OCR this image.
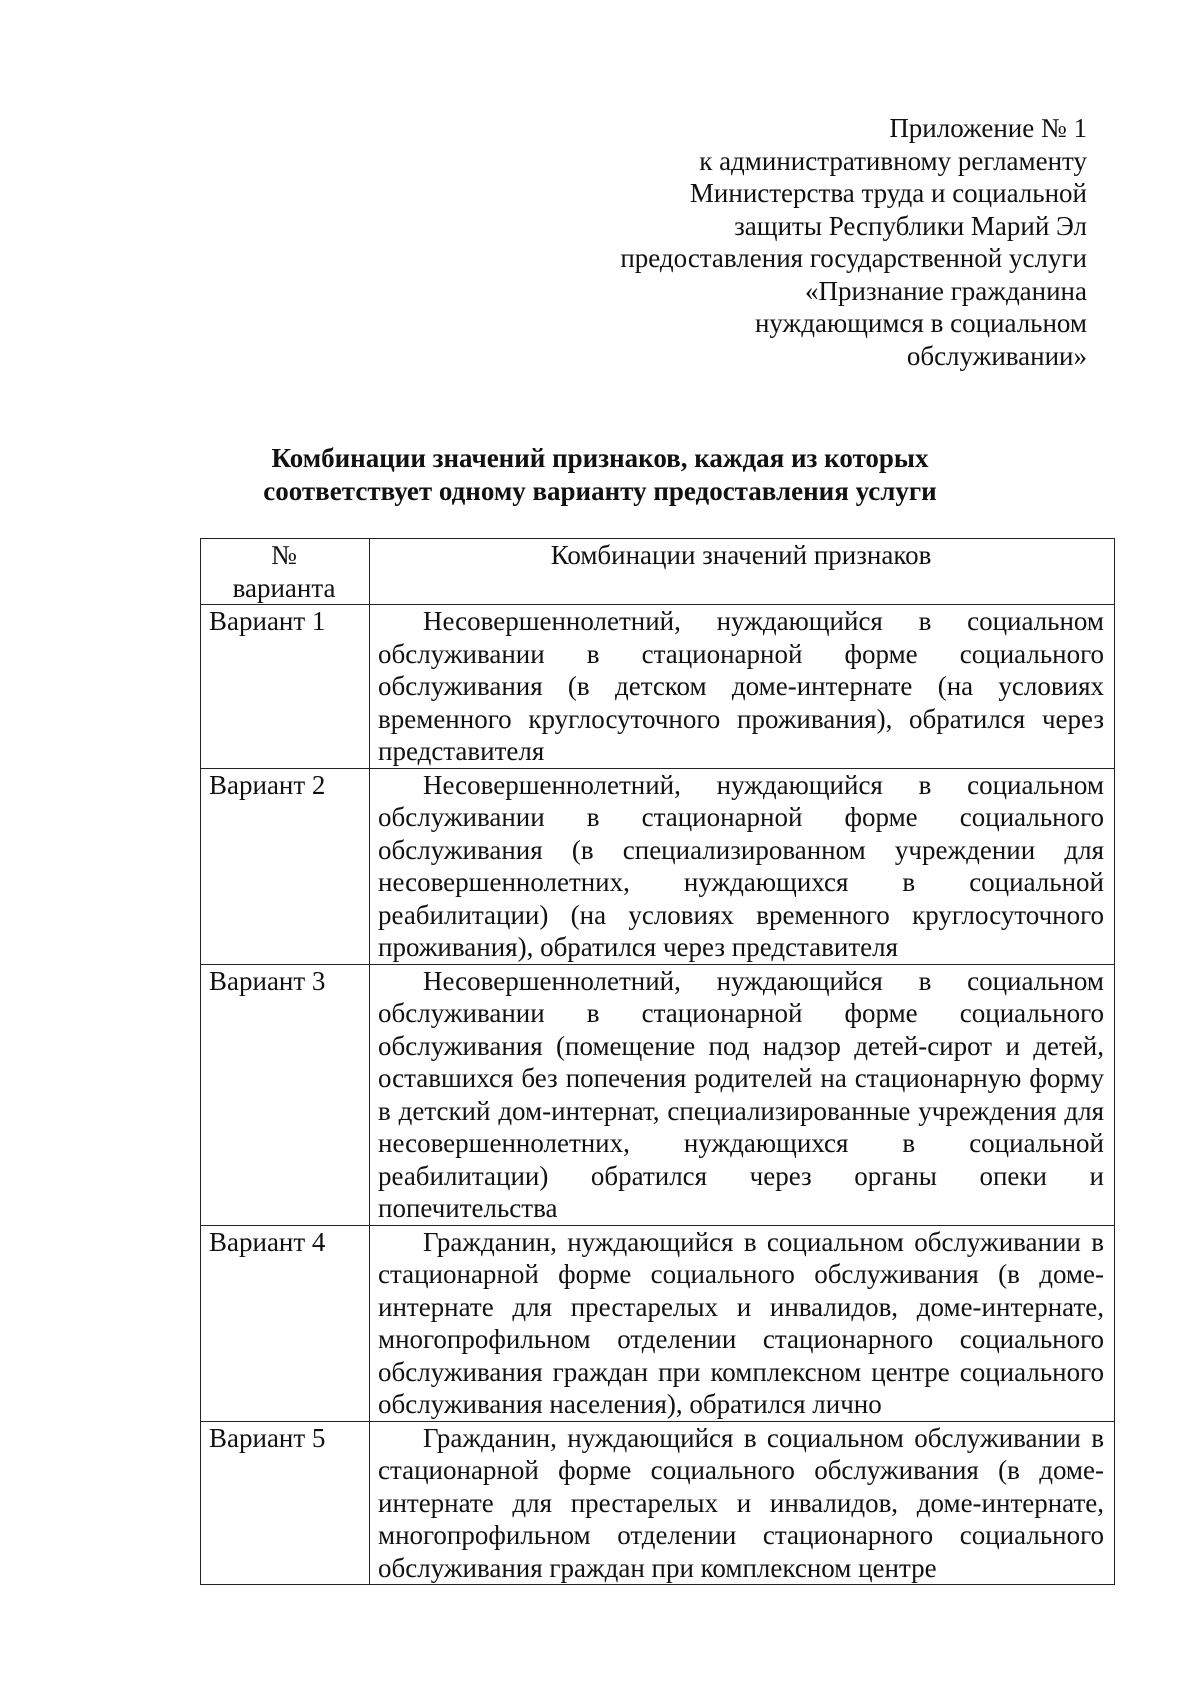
Приложение № 1
к административному регламенту
Министерства труда и социальной
защиты Республики Марий Эл
предоставления государственной услуги
«Признание гражданина
нуждающимся в социальном
обслуживании»
Комбинации значений признаков, каждая из которых
соответствует одному варианту предоставления услуги
№
варианта	Комбинации значений признаков
Вариант 1	Несовершеннолетний, нуждающийся в социальном обслуживании в стационарной форме социального обслуживания (в детском доме-интернате (на условиях временного круглосуточного проживания), обратился через представителя
Вариант 2	Несовершеннолетний, нуждающийся в социальном обслуживании в стационарной форме социального обслуживания (в специализированном учреждении для несовершеннолетних, нуждающихся в социальной реабилитации) (на условиях временного круглосуточного проживания), обратился через представителя
Вариант 3	Несовершеннолетний, нуждающийся в социальном обслуживании в стационарной форме социального обслуживания (помещение под надзор детей-сирот и детей, оставшихся без попечения родителей на стационарную форму в детский дом-интернат, специализированные учреждения для несовершеннолетних, нуждающихся в социальной реабилитации) обратился через органы опеки и попечительства
Вариант 4	Гражданин, нуждающийся в социальном обслуживании в стационарной форме социального обслуживания (в доме-интернате для престарелых и инвалидов, доме-интернате, многопрофильном отделении стационарного социального обслуживания граждан при комплексном центре социального обслуживания населения), обратился лично
Вариант 5	Гражданин, нуждающийся в социальном обслуживании в стационарной форме социального обслуживания (в доме-интернате для престарелых и инвалидов, доме-интернате, многопрофильном отделении стационарного социального обслуживания граждан при комплексном центре
